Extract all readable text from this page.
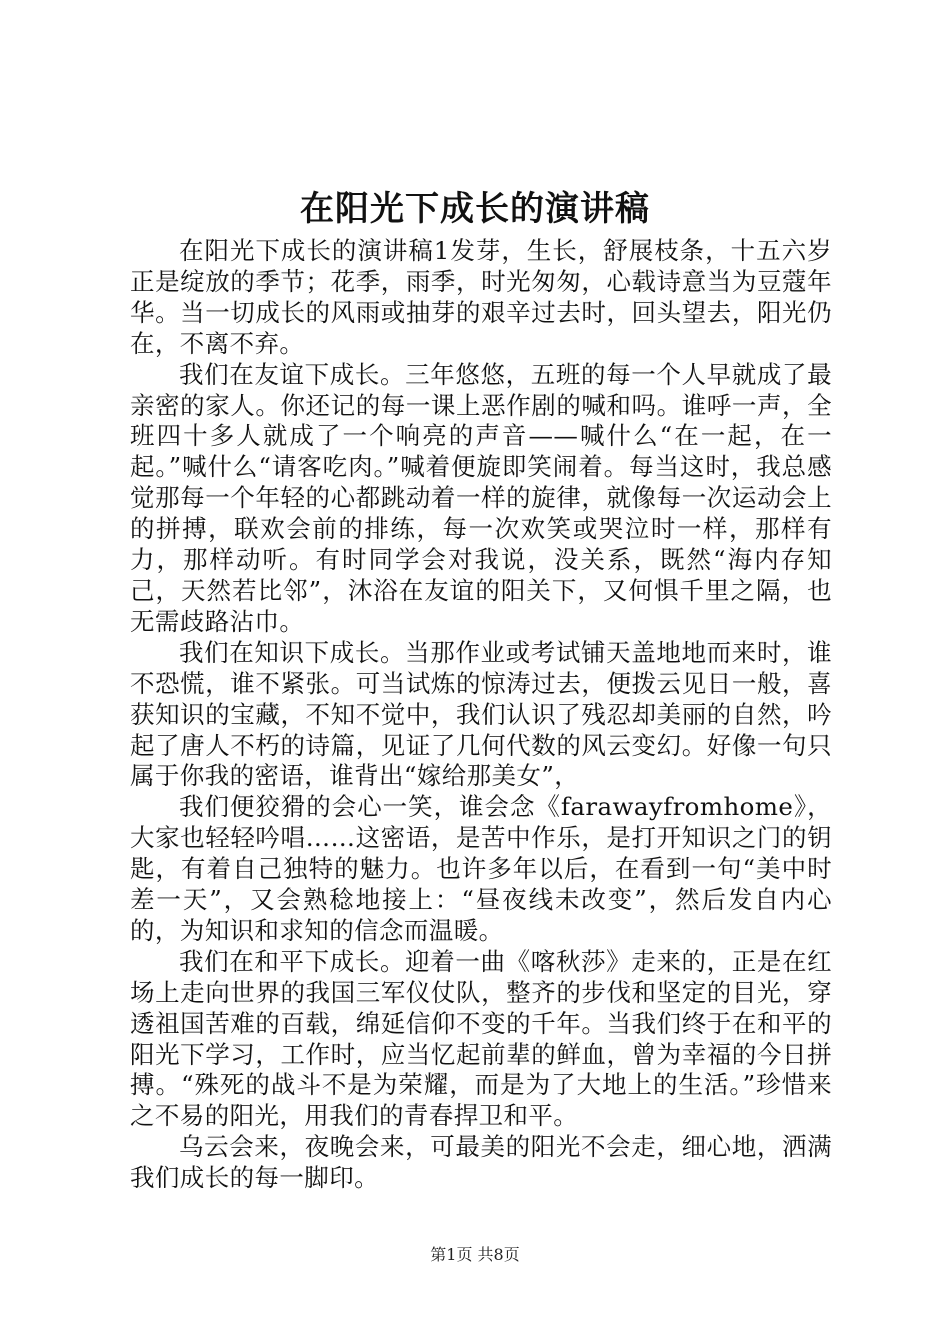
在阳光下成长的演讲稿

在阳光下成长的演讲稿1发芽，生长，舒展枝条，十五六岁正是绽放的季节；花季，雨季，时光匆匆，心载诗意当为豆蔻年华。当一切成长的风雨或抽芽的艰辛过去时，回头望去，阳光仍在，不离不弃。

我们在友谊下成长。三年悠悠，五班的每一个人早就成了最亲密的家人。你还记的每一课上恶作剧的喊和吗。谁呼一声，全班四十多人就成了一个响亮的声音——喊什么“在一起，在一起。”喊什么“请客吃肉。”喊着便旋即笑闹着。每当这时，我总感觉那每一个年轻的心都跳动着一样的旋律，就像每一次运动会上的拼搏，联欢会前的排练，每一次欢笑或哭泣时一样，那样有力，那样动听。有时同学会对我说，没关系，既然“海内存知己，天然若比邻”，沐浴在友谊的阳关下，又何惧千里之隔，也无需歧路沾巾。

我们在知识下成长。当那作业或考试铺天盖地地而来时，谁不恐慌，谁不紧张。可当试炼的惊涛过去，便拨云见日一般，喜获知识的宝藏，不知不觉中，我们认识了残忍却美丽的自然，吟起了唐人不朽的诗篇，见证了几何代数的风云变幻。好像一句只属于你我的密语，谁背出“嫁给那美女”，

我们便狡猾的会心一笑，谁会念《farawayfromhome》，大家也轻轻吟唱……这密语，是苦中作乐，是打开知识之门的钥匙，有着自己独特的魅力。也许多年以后，在看到一句“美中时差一天”，又会熟稔地接上：“昼夜线未改变”，然后发自内心的，为知识和求知的信念而温暖。

我们在和平下成长。迎着一曲《喀秋莎》走来的，正是在红场上走向世界的我国三军仪仗队，整齐的步伐和坚定的目光，穿透祖国苦难的百载，绵延信仰不变的千年。当我们终于在和平的阳光下学习，工作时，应当忆起前辈的鲜血，曾为幸福的今日拼搏。“殊死的战斗不是为荣耀，而是为了大地上的生活。”珍惜来之不易的阳光，用我们的青春捍卫和平。

乌云会来，夜晚会来，可最美的阳光不会走，细心地，洒满我们成长的每一脚印。

第1页 共8页
